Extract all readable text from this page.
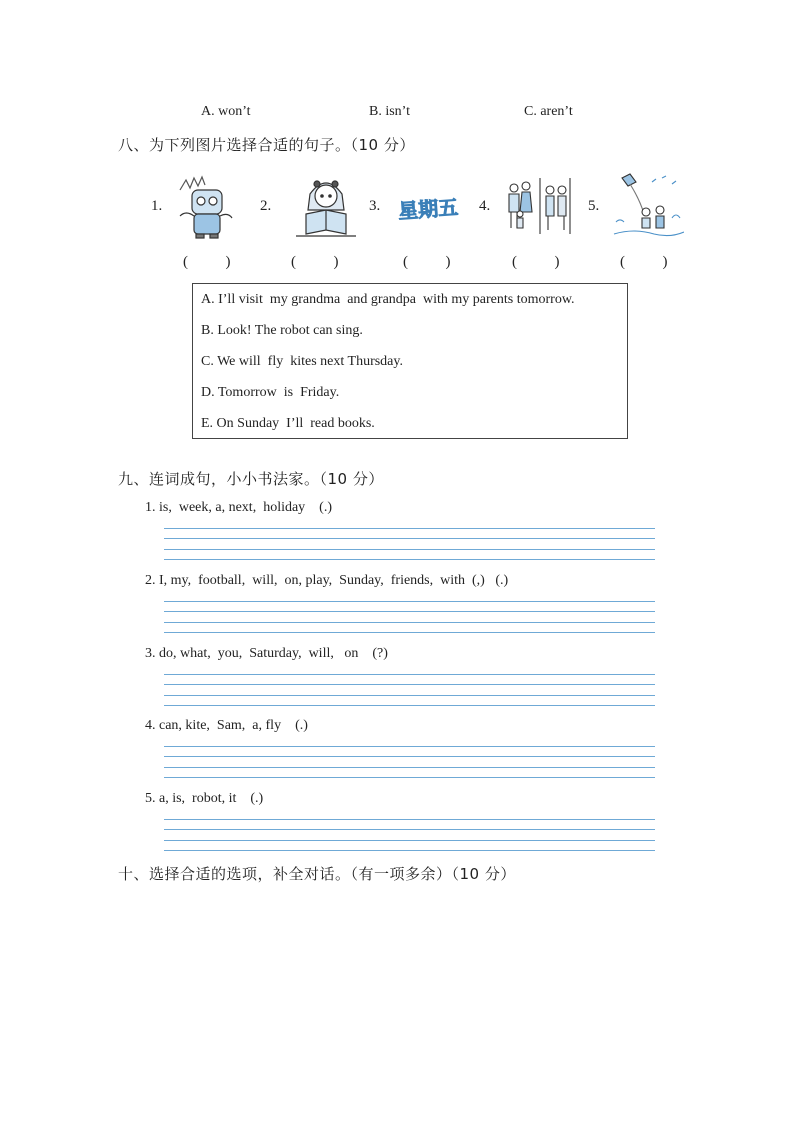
A. won’t	B. isn’t	C. aren’t
八、为下列图片选择合适的句子。（10 分）
1.	2.	3.	4.	5.
星期五
(          )	(          )	(          )	(          )	(          )
A. I’ll visit  my grandma  and grandpa  with my parents tomorrow.
B. Look! The robot can sing.
C. We will  fly  kites next Thursday.
D. Tomorrow  is  Friday.
E. On Sunday  I’ll  read books.
九、连词成句，小小书法家。（10 分）
1. is,  week, a, next,  holiday    (.)
2. I, my,  football,  will,  on, play,  Sunday,  friends,  with  (,)   (.)
3. do, what,  you,  Saturday,  will,   on    (?)
4. can, kite,  Sam,  a, fly    (.)
5. a, is,  robot, it    (.)
十、选择合适的选项，补全对话。（有一项多余）（10 分）
